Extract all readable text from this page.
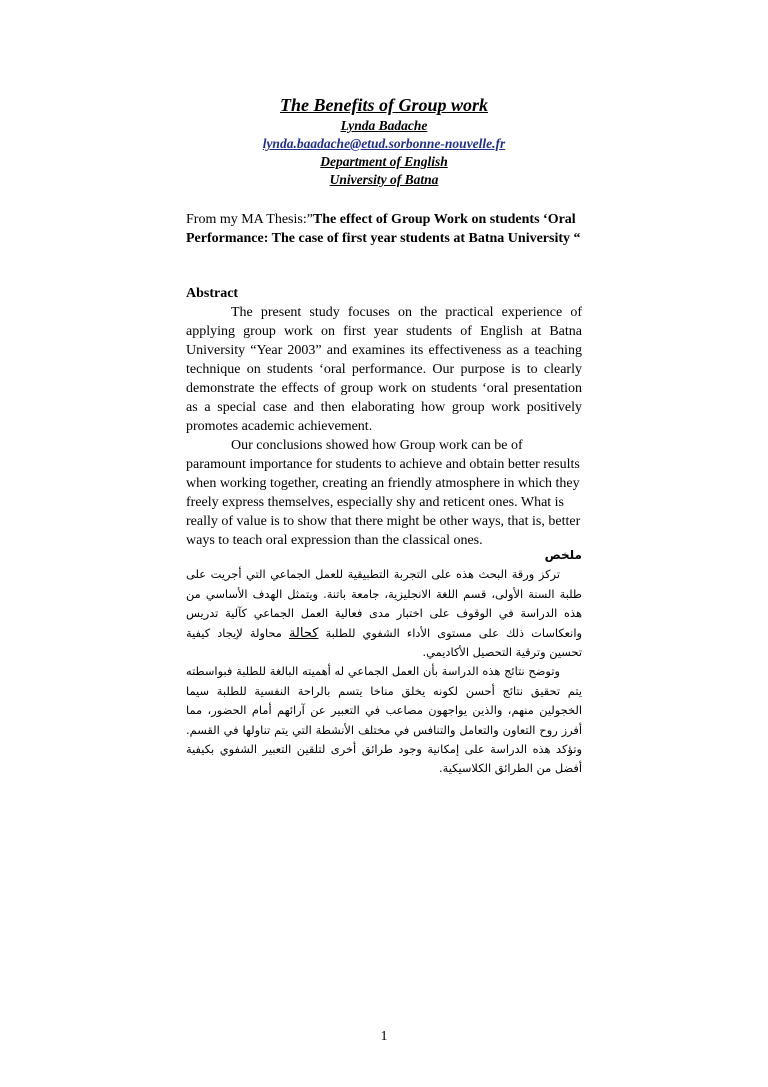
The Benefits of Group work
Lynda Badache
lynda.baadache@etud.sorbonne-nouvelle.fr
Department of English
University of Batna
From my MA Thesis:”The effect of Group Work on students ‘Oral Performance: The case of first year students at Batna University “
Abstract

The present study focuses on the practical experience of applying group work on first year students of English at Batna University “Year 2003” and examines its effectiveness as a teaching technique on students ‘oral performance. Our purpose is to clearly demonstrate the effects of group work on students ‘oral presentation as a special case and then elaborating how group work positively promotes academic achievement.

Our conclusions showed how Group work can be of paramount importance for students to achieve and obtain better results when working together, creating an friendly atmosphere in which they freely express themselves, especially shy and reticent ones. What is really of value is to show that there might be other ways, that is, better ways to teach oral expression than the classical ones.

ملخص

تركز ورقة البحث هذه على التجربة التطبيقية للعمل الجماعي التي أجريت على طلبة السنة الأولى، قسم اللغة الانجليزية، جامعة باتنة. ويتمثل الهدف الأساسي من هذه الدراسة في الوقوف على اختبار مدى فعالية العمل الجماعي كآلية تدريس وانعكاسات ذلك على مستوى الأداء الشفوي للطلبة كحالة محاولة لإيجاد كيفية تحسين وترقية التحصيل الأكاديمي.

وتوضح نتائج هذه الدراسة بأن العمل الجماعي له أهميته البالغة للطلبة فبواسطته يتم تحقيق نتائج أحسن لكونه يخلق مناخا يتسم بالراحة النفسية للطلبة سيما الخجولين منهم، والذين يواجهون مصاعب في التعبير عن آرائهم أمام الحضور، مما أفرز روح التعاون والتعامل والتنافس في مختلف الأنشطة التي يتم تناولها في القسم. وتؤكد هذه الدراسة على إمكانية وجود طرائق أخرى لتلقين التعبير الشفوي بكيفية أفضل من الطرائق الكلاسيكية.

1
